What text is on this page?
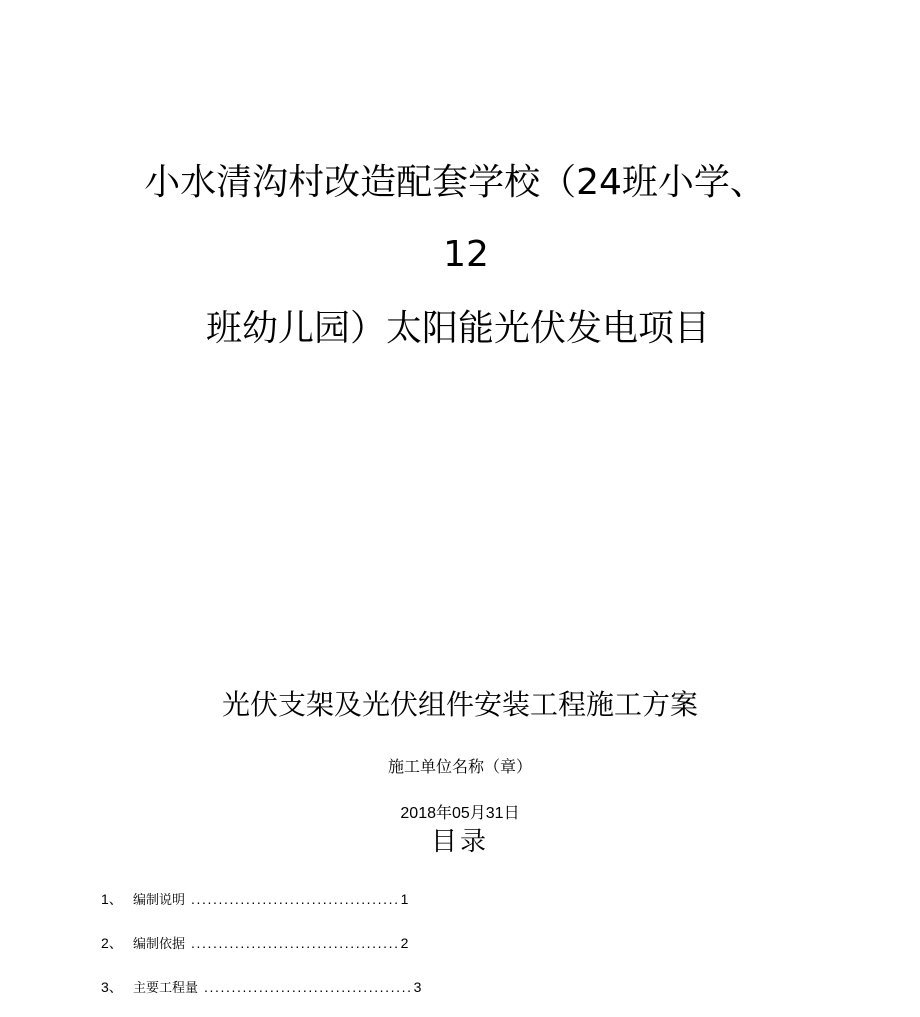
小水清沟村改造配套学校（24班小学、
12
班幼儿园）太阳能光伏发电项目
光伏支架及光伏组件安装工程施工方案
施工单位名称（章）
2018年05月31日
目录
1、 编制说明 ...................................... 1
2、 编制依据 ...................................... 2
3、 主要工程量 ...................................... 3
